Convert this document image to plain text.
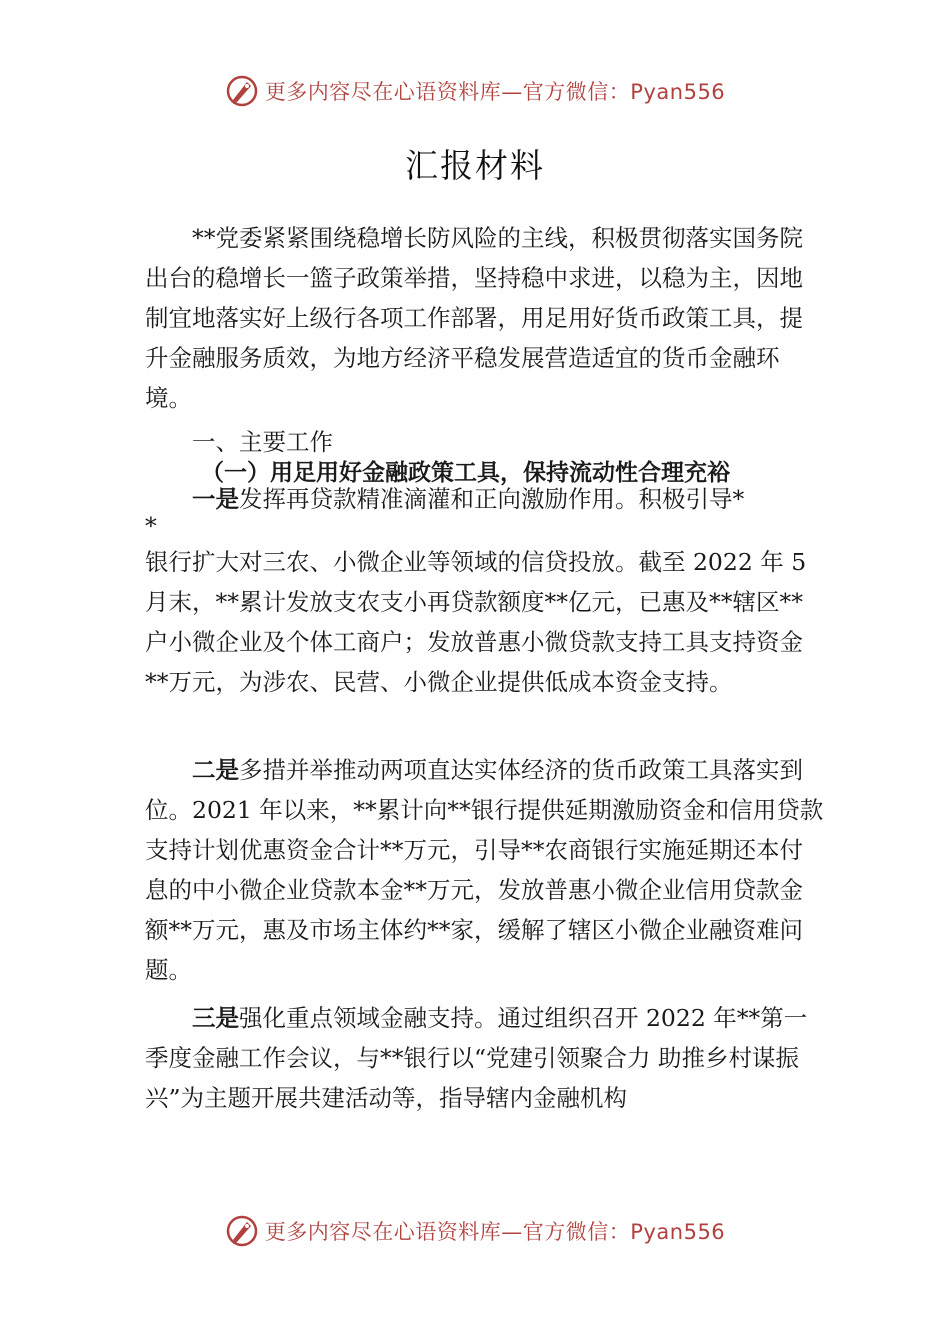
更多内容尽在心语资料库—官方微信：Pyan556
汇报材料

**党委紧紧围绕稳增长防风险的主线，积极贯彻落实国务院出台的稳增长一篮子政策举措，坚持稳中求进，以稳为主，因地制宜地落实好上级行各项工作部署，用足用好货币政策工具，提升金融服务质效，为地方经济平稳发展营造适宜的货币金融环境。

一、主要工作

（一）用足用好金融政策工具，保持流动性合理充裕
一是发挥再贷款精准滴灌和正向激励作用。积极引导*
*
银行扩大对三农、小微企业等领域的信贷投放。截至 2022 年 5 月末，**累计发放支农支小再贷款额度**亿元，已惠及**辖区**户小微企业及个体工商户；发放普惠小微贷款支持工具支持资金**万元，为涉农、民营、小微企业提供低成本资金支持。

二是多措并举推动两项直达实体经济的货币政策工具落实到位。2021 年以来，**累计向**银行提供延期激励资金和信用贷款支持计划优惠资金合计**万元，引导**农商银行实施延期还本付息的中小微企业贷款本金**万元，发放普惠小微企业信用贷款金额**万元，惠及市场主体约**家，缓解了辖区小微企业融资难问题。

三是强化重点领域金融支持。通过组织召开 2022 年**第一季度金融工作会议，与**银行以“党建引领聚合力 助推乡村谋振兴”为主题开展共建活动等，指导辖内金融机构

更多内容尽在心语资料库—官方微信：Pyan556
